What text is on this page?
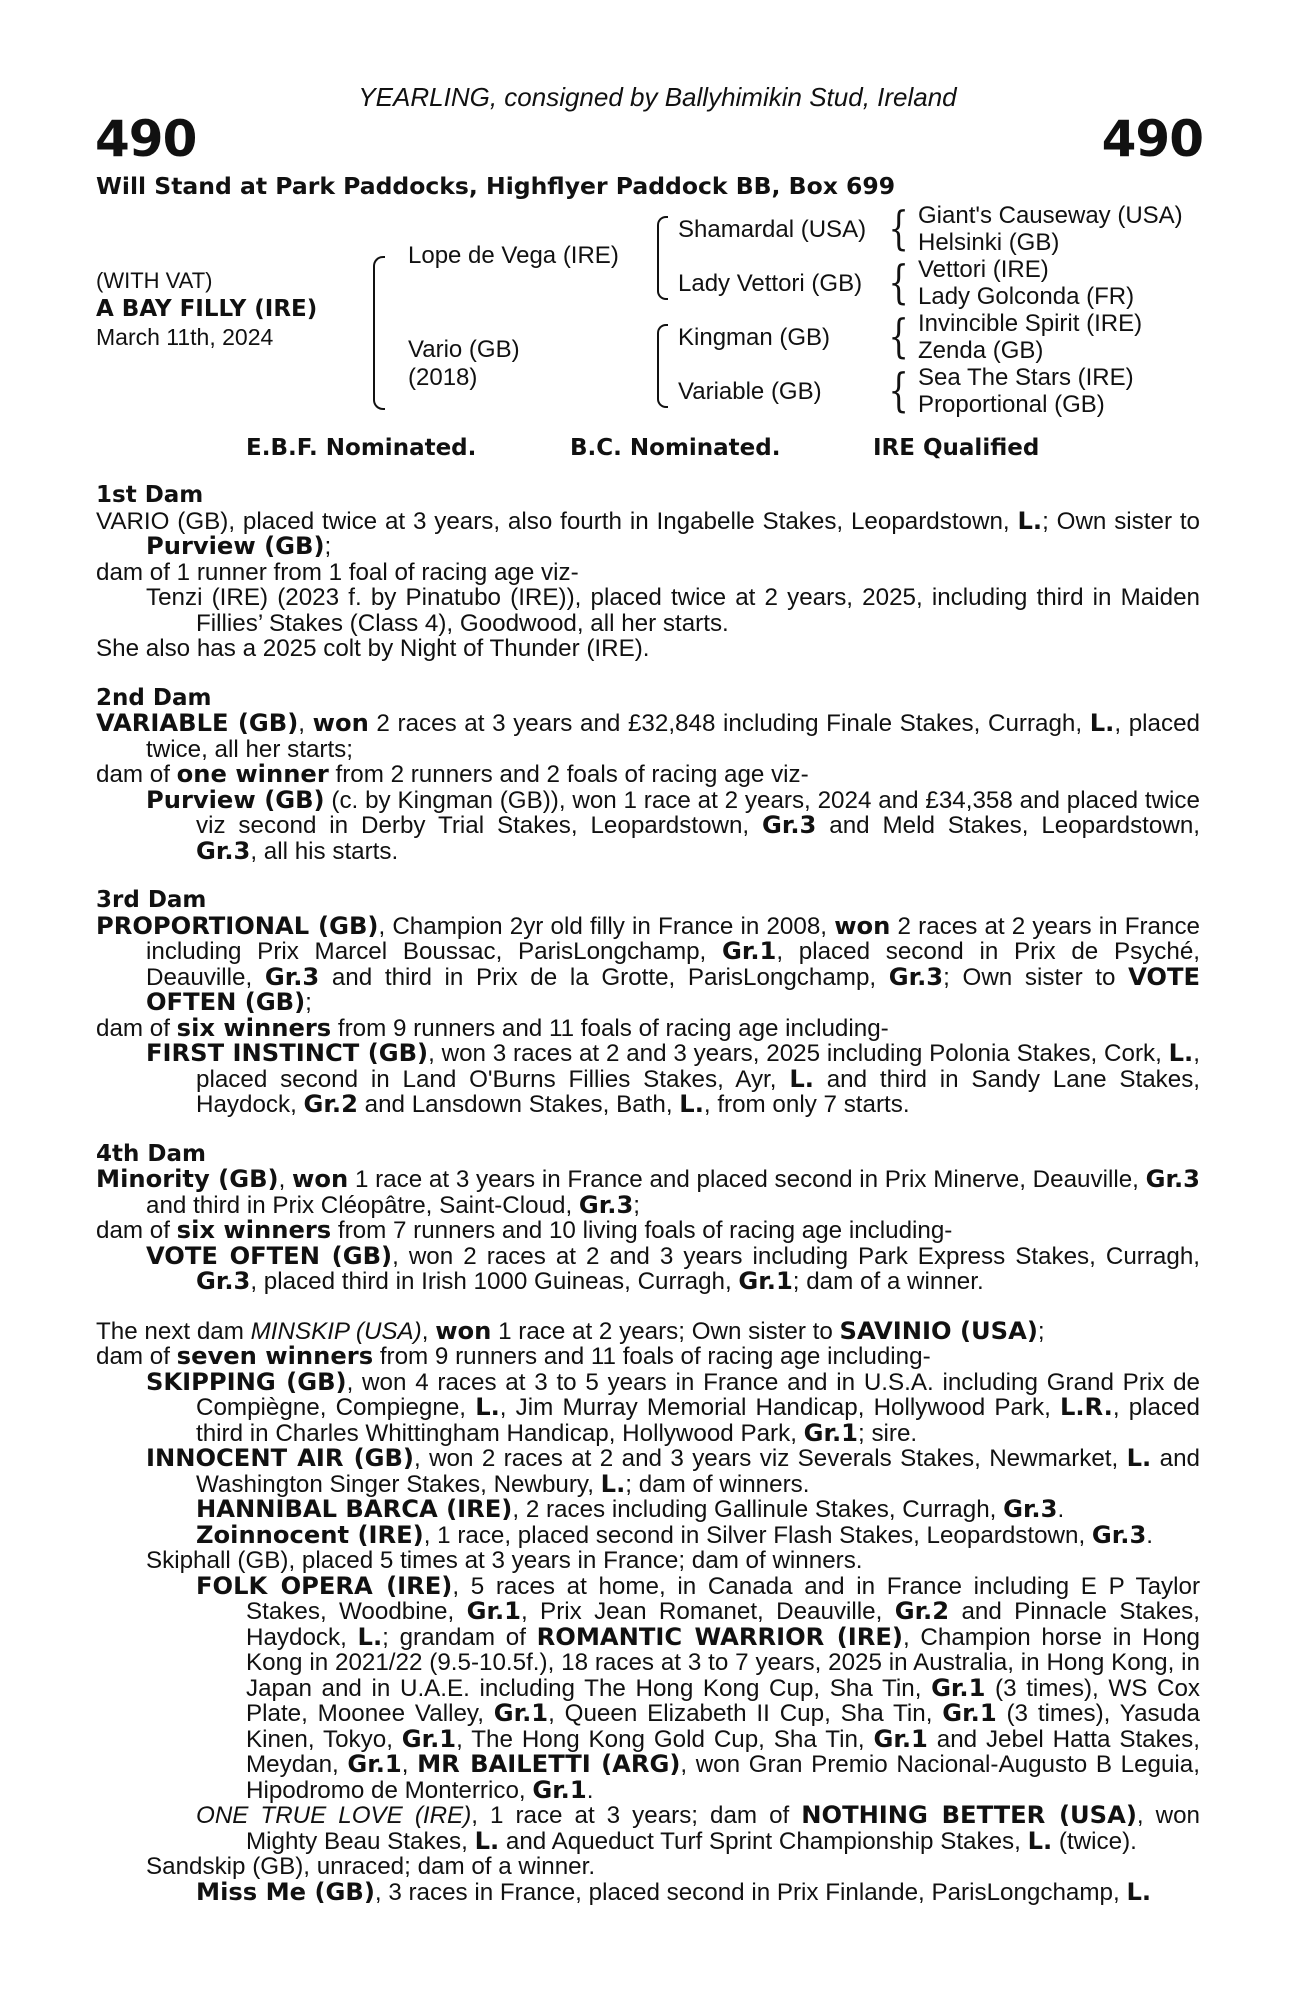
YEARLING, consigned by Ballyhimikin Stud, Ireland
490	490
Will Stand at Park Paddocks, Highflyer Paddock BB, Box 699
(WITH VAT)
A BAY FILLY (IRE)
March 11th, 2024
Lope de Vega (IRE)
Vario (GB)
(2018)
Shamardal (USA)
Lady Vettori (GB)
Kingman (GB)
Variable (GB)
{
{
{
{
Giant's Causeway (USA)
Helsinki (GB)
Vettori (IRE)
Lady Golconda (FR)
Invincible Spirit (IRE)
Zenda (GB)
Sea The Stars (IRE)
Proportional (GB)
E.B.F. Nominated.	B.C. Nominated.	IRE Qualified

1st Dam

VARIO (GB), placed twice at 3 years, also fourth in Ingabelle Stakes, Leopardstown, L.; Own sister to Purview (GB);

dam of 1 runner from 1 foal of racing age viz-

Tenzi (IRE) (2023 f. by Pinatubo (IRE)), placed twice at 2 years, 2025, including third in Maiden Fillies’ Stakes (Class 4), Goodwood, all her starts.

She also has a 2025 colt by Night of Thunder (IRE).

2nd Dam

VARIABLE (GB), won 2 races at 3 years and £32,848 including Finale Stakes, Curragh, L., placed twice, all her starts;

dam of one winner from 2 runners and 2 foals of racing age viz-

Purview (GB) (c. by Kingman (GB)), won 1 race at 2 years, 2024 and £34,358 and placed twice viz second in Derby Trial Stakes, Leopardstown, Gr.3 and Meld Stakes, Leopardstown, Gr.3, all his starts.

3rd Dam

PROPORTIONAL (GB), Champion 2yr old filly in France in 2008, won 2 races at 2 years in France including Prix Marcel Boussac, ParisLongchamp, Gr.1, placed second in Prix de Psyché, Deauville, Gr.3 and third in Prix de la Grotte, ParisLongchamp, Gr.3; Own sister to VOTE OFTEN (GB);

dam of six winners from 9 runners and 11 foals of racing age including-

FIRST INSTINCT (GB), won 3 races at 2 and 3 years, 2025 including Polonia Stakes, Cork, L., placed second in Land O'Burns Fillies Stakes, Ayr, L. and third in Sandy Lane Stakes, Haydock, Gr.2 and Lansdown Stakes, Bath, L., from only 7 starts.

4th Dam

Minority (GB), won 1 race at 3 years in France and placed second in Prix Minerve, Deauville, Gr.3 and third in Prix Cléopâtre, Saint-Cloud, Gr.3;

dam of six winners from 7 runners and 10 living foals of racing age including-

VOTE OFTEN (GB), won 2 races at 2 and 3 years including Park Express Stakes, Curragh, Gr.3, placed third in Irish 1000 Guineas, Curragh, Gr.1; dam of a winner.

The next dam MINSKIP (USA), won 1 race at 2 years; Own sister to SAVINIO (USA);

dam of seven winners from 9 runners and 11 foals of racing age including-

SKIPPING (GB), won 4 races at 3 to 5 years in France and in U.S.A. including Grand Prix de Compiègne, Compiegne, L., Jim Murray Memorial Handicap, Hollywood Park, L.R., placed third in Charles Whittingham Handicap, Hollywood Park, Gr.1; sire.

INNOCENT AIR (GB), won 2 races at 2 and 3 years viz Severals Stakes, Newmarket, L. and Washington Singer Stakes, Newbury, L.; dam of winners.

HANNIBAL BARCA (IRE), 2 races including Gallinule Stakes, Curragh, Gr.3.

Zoinnocent (IRE), 1 race, placed second in Silver Flash Stakes, Leopardstown, Gr.3.

Skiphall (GB), placed 5 times at 3 years in France; dam of winners.

FOLK OPERA (IRE), 5 races at home, in Canada and in France including E P Taylor Stakes, Woodbine, Gr.1, Prix Jean Romanet, Deauville, Gr.2 and Pinnacle Stakes, Haydock, L.; grandam of ROMANTIC WARRIOR (IRE), Champion horse in Hong Kong in 2021/22 (9.5-10.5f.), 18 races at 3 to 7 years, 2025 in Australia, in Hong Kong, in Japan and in U.A.E. including The Hong Kong Cup, Sha Tin, Gr.1 (3 times), WS Cox Plate, Moonee Valley, Gr.1, Queen Elizabeth II Cup, Sha Tin, Gr.1 (3 times), Yasuda Kinen, Tokyo, Gr.1, The Hong Kong Gold Cup, Sha Tin, Gr.1 and Jebel Hatta Stakes, Meydan, Gr.1, MR BAILETTI (ARG), won Gran Premio Nacional-Augusto B Leguia, Hipodromo de Monterrico, Gr.1.

ONE TRUE LOVE (IRE), 1 race at 3 years; dam of NOTHING BETTER (USA), won Mighty Beau Stakes, L. and Aqueduct Turf Sprint Championship Stakes, L. (twice).

Sandskip (GB), unraced; dam of a winner.

Miss Me (GB), 3 races in France, placed second in Prix Finlande, ParisLongchamp, L.
